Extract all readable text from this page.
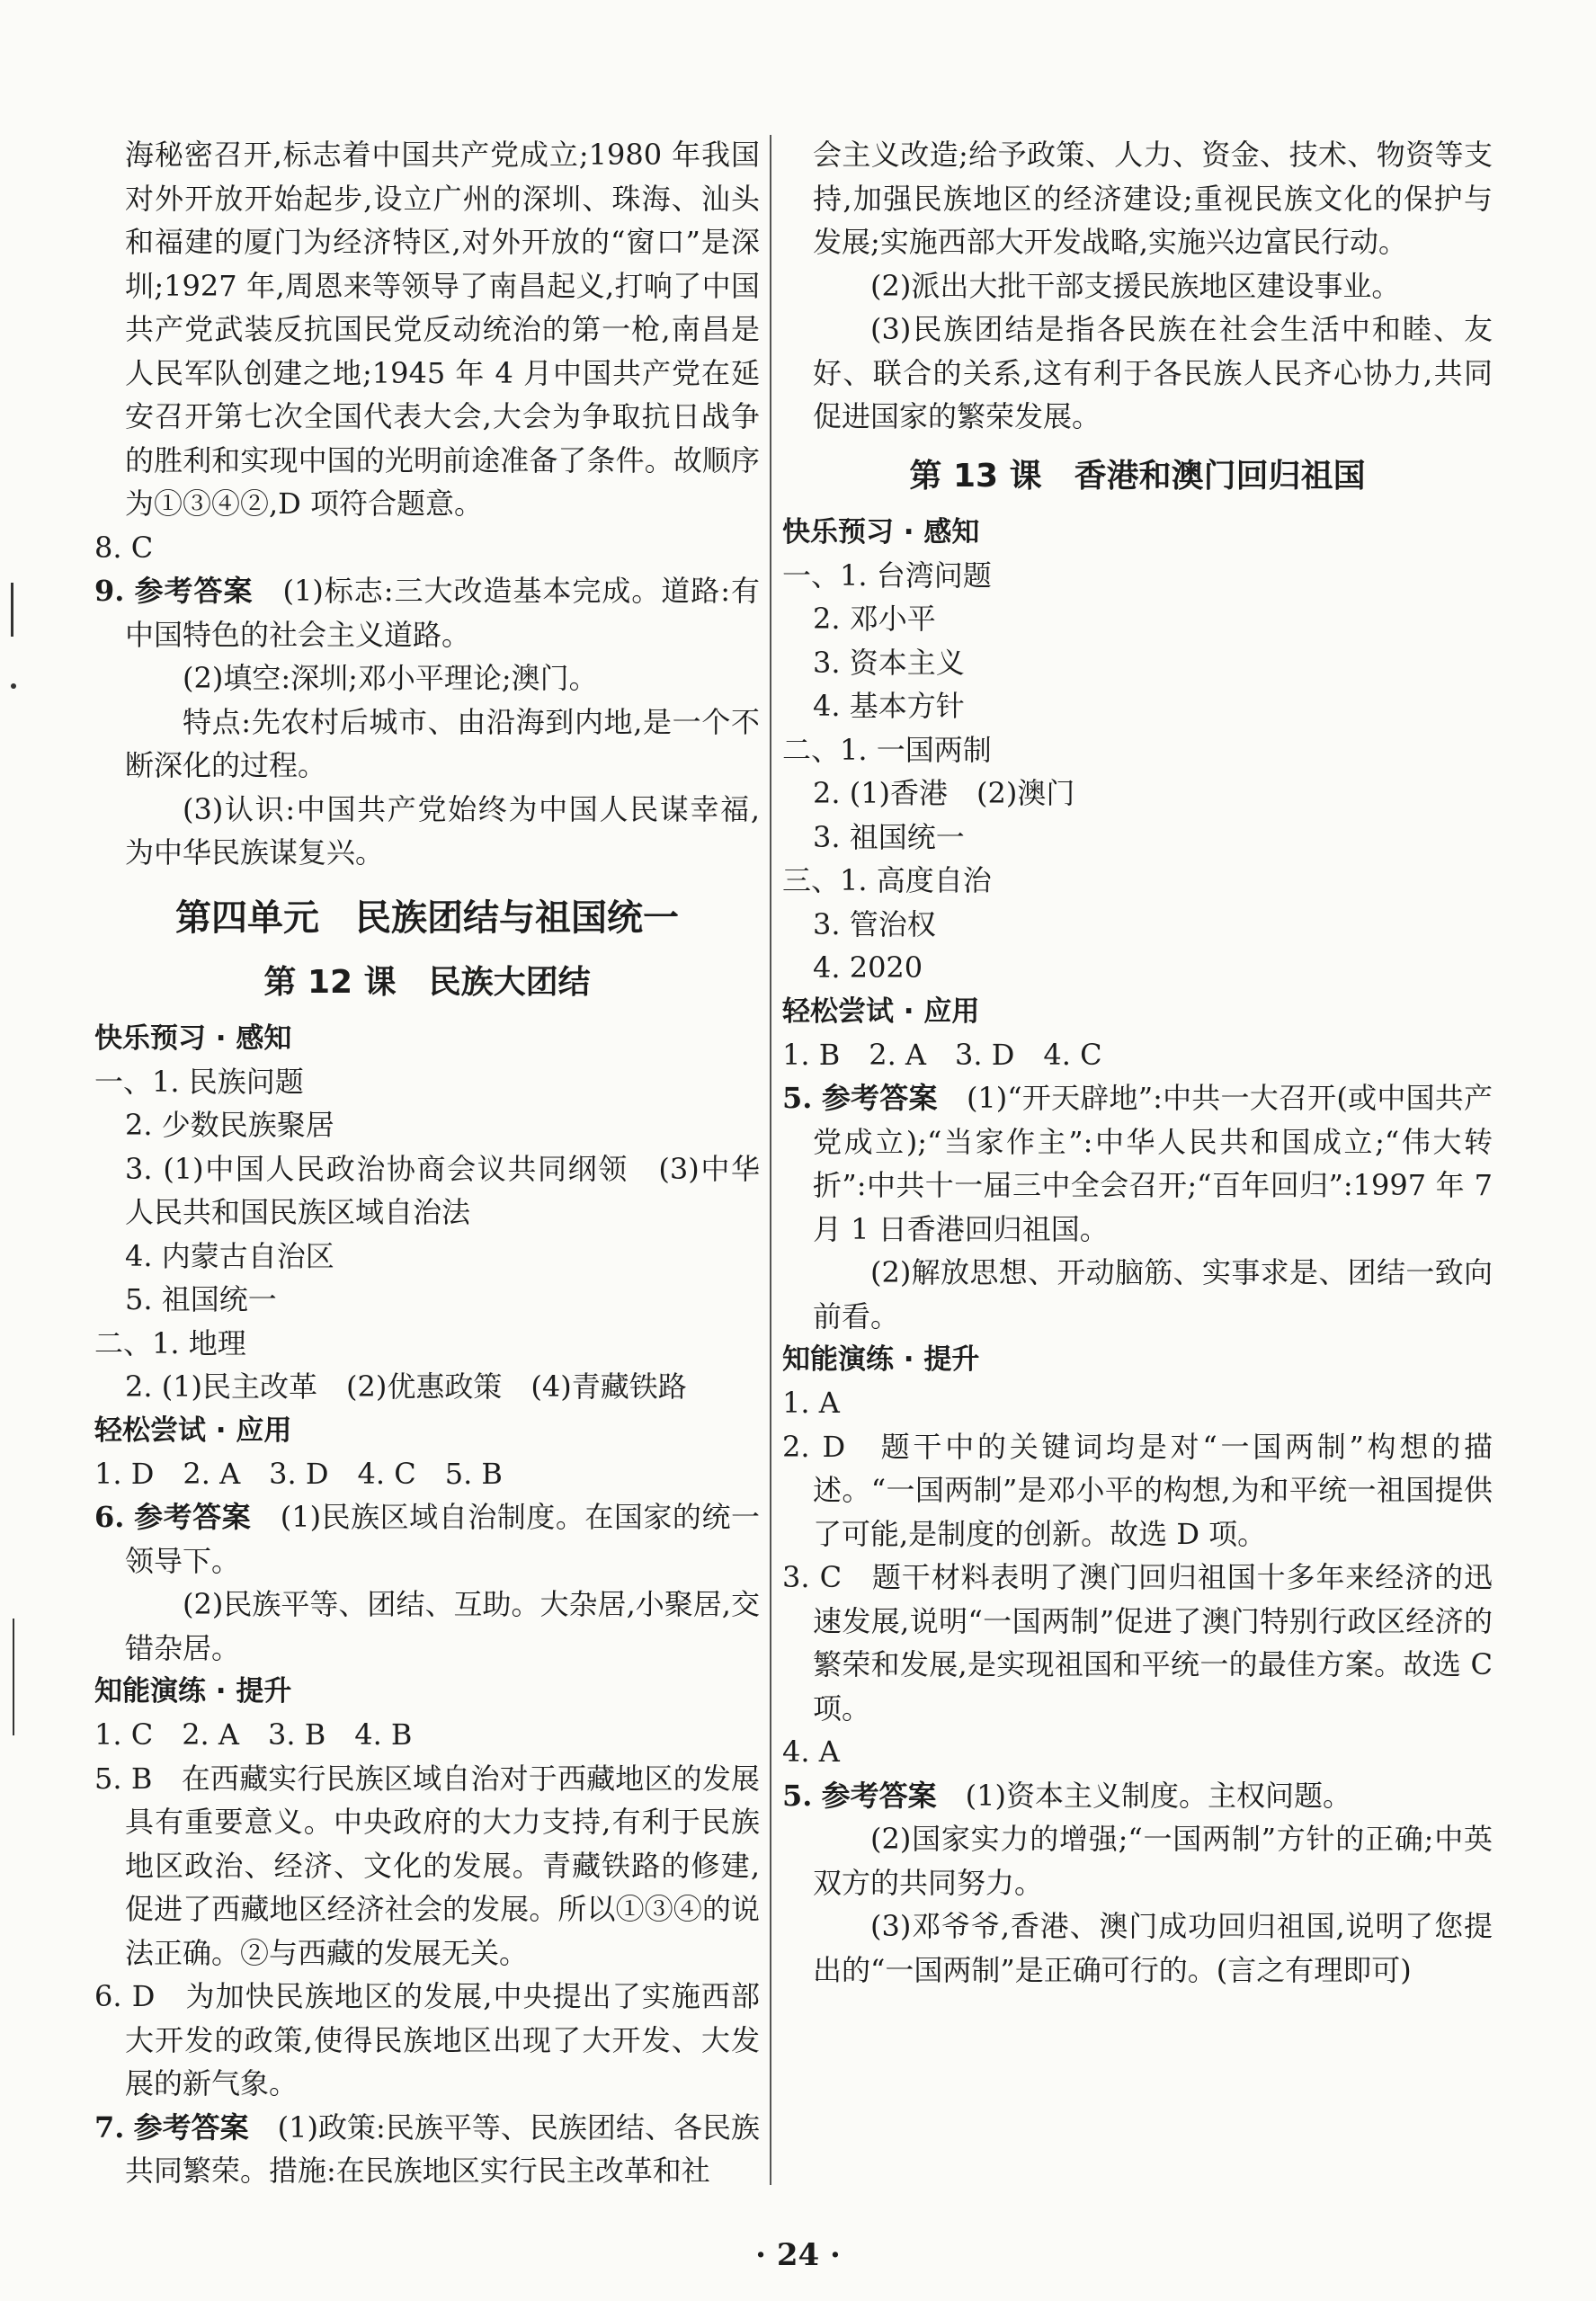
海秘密召开,标志着中国共产党成立;1980 年我国对外开放开始起步,设立广州的深圳、珠海、汕头和福建的厦门为经济特区,对外开放的“窗口”是深圳;1927 年,周恩来等领导了南昌起义,打响了中国共产党武装反抗国民党反动统治的第一枪,南昌是人民军队创建之地;1945 年 4 月中国共产党在延安召开第七次全国代表大会,大会为争取抗日战争的胜利和实现中国的光明前途准备了条件。故顺序为①③④②,D 项符合题意。

8. C

9. 参考答案　 (1)标志:三大改造基本完成。道路:有中国特色的社会主义道路。

(2)填空:深圳;邓小平理论;澳门。

特点:先农村后城市、由沿海到内地,是一个不断深化的过程。

(3)认识:中国共产党始终为中国人民谋幸福,为中华民族谋复兴。

第四单元　民族团结与祖国统一
第 12 课　民族大团结

快乐预习 · 感知

一、1. 民族问题

2. 少数民族聚居

3. (1)中国人民政治协商会议共同纲领　(3)中华人民共和国民族区域自治法

4. 内蒙古自治区

5. 祖国统一

二、1. 地理

2. (1)民主改革　(2)优惠政策　(4)青藏铁路

轻松尝试 · 应用

1. D　2. A　3. D　4. C　5. B

6. 参考答案　 (1)民族区域自治制度。在国家的统一领导下。

(2)民族平等、团结、互助。大杂居,小聚居,交错杂居。

知能演练 · 提升

1. C　2. A　3. B　4. B

5. B　在西藏实行民族区域自治对于西藏地区的发展具有重要意义。中央政府的大力支持,有利于民族地区政治、经济、文化的发展。青藏铁路的修建,促进了西藏地区经济社会的发展。所以①③④的说法正确。②与西藏的发展无关。

6. D　为加快民族地区的发展,中央提出了实施西部大开发的政策,使得民族地区出现了大开发、大发展的新气象。

7. 参考答案　 (1)政策:民族平等、民族团结、各民族共同繁荣。措施:在民族地区实行民主改革和社

会主义改造;给予政策、人力、资金、技术、物资等支持,加强民族地区的经济建设;重视民族文化的保护与发展;实施西部大开发战略,实施兴边富民行动。

(2)派出大批干部支援民族地区建设事业。

(3)民族团结是指各民族在社会生活中和睦、友好、联合的关系,这有利于各民族人民齐心协力,共同促进国家的繁荣发展。

第 13 课　香港和澳门回归祖国

快乐预习 · 感知

一、1. 台湾问题

2. 邓小平

3. 资本主义

4. 基本方针

二、1. 一国两制

2. (1)香港　(2)澳门

3. 祖国统一

三、1. 高度自治

3. 管治权

4. 2020

轻松尝试 · 应用

1. B　2. A　3. D　4. C

5. 参考答案　 (1)“开天辟地”:中共一大召开(或中国共产党成立);“当家作主”:中华人民共和国成立;“伟大转折”:中共十一届三中全会召开;“百年回归”:1997 年 7 月 1 日香港回归祖国。

(2)解放思想、开动脑筋、实事求是、团结一致向前看。

知能演练 · 提升

1. A

2. D　题干中的关键词均是对“一国两制”构想的描述。“一国两制”是邓小平的构想,为和平统一祖国提供了可能,是制度的创新。故选 D 项。

3. C　题干材料表明了澳门回归祖国十多年来经济的迅速发展,说明“一国两制”促进了澳门特别行政区经济的繁荣和发展,是实现祖国和平统一的最佳方案。故选 C 项。

4. A

5. 参考答案　 (1)资本主义制度。主权问题。

(2)国家实力的增强;“一国两制”方针的正确;中英双方的共同努力。

(3)邓爷爷,香港、澳门成功回归祖国,说明了您提出的“一国两制”是正确可行的。(言之有理即可)

· 24 ·
